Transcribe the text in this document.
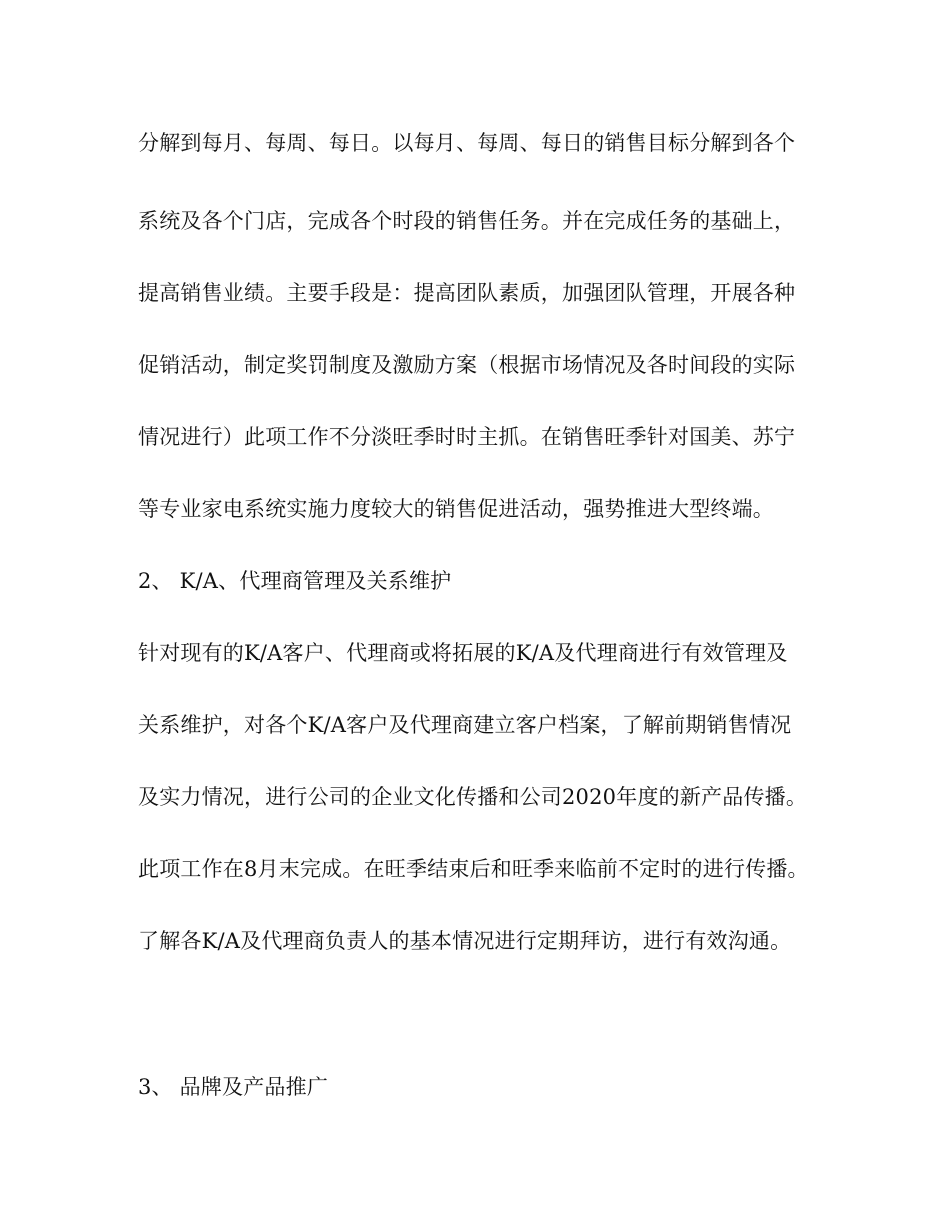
分解到每月、每周、每日。以每月、每周、每日的销售目标分解到各个
系统及各个门店，完成各个时段的销售任务。并在完成任务的基础上，
提高销售业绩。主要手段是：提高团队素质，加强团队管理，开展各种
促销活动，制定奖罚制度及激励方案（根据市场情况及各时间段的实际
情况进行）此项工作不分淡旺季时时主抓。在销售旺季针对国美、苏宁
等专业家电系统实施力度较大的销售促进活动，强势推进大型终端。
2、 K/A、代理商管理及关系维护
针对现有的K/A客户、代理商或将拓展的K/A及代理商进行有效管理及
关系维护，对各个K/A客户及代理商建立客户档案，了解前期销售情况
及实力情况，进行公司的企业文化传播和公司2020年度的新产品传播。
此项工作在8月末完成。在旺季结束后和旺季来临前不定时的进行传播。
了解各K/A及代理商负责人的基本情况进行定期拜访，进行有效沟通。
3、 品牌及产品推广
